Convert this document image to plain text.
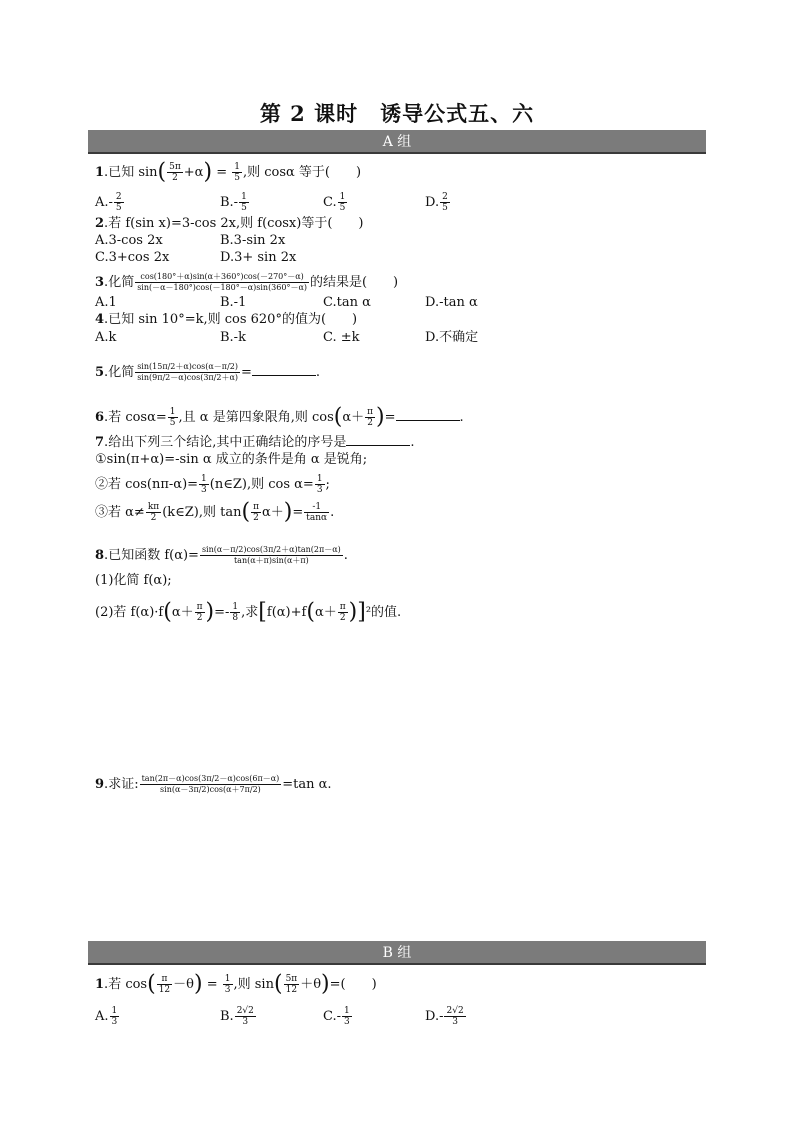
第 2 课时　诱导公式五、六
A 组
1.已知 $\sin( \frac{5\pi}{2} +\alpha) = \frac{1}{5}$ ,则 cosα 等于(　　)
$A.- \frac{2}{5}$	$B.- \frac{1}{5}$	C. $\frac{1}{5}$	D. $\frac{2}{5}$
2.若 f(sin x)=3-cos 2x,则 f(cosx)等于(　　)
A.3-cos 2x	B.3-sin 2x
C.3+cos 2x	D.3+ sin 2x
3.化简 $\frac{\cos(180^\circ+\alpha)\sin(\alpha+360^\circ)\cos(-270^\circ-\alpha)}{\sin(-\alpha-180^\circ)\cos(-180^\circ-\alpha)\sin(360^\circ-\alpha)}$ 的结果是(　　)
A.1	B.-1	C.tan α	D.-tan α
4.已知 sin 10°=k,则 cos 620°的值为(　　)
A.k	B.-k	C. ±k	D.不确定
5.化简 $\frac{\sin(15\pi/2+\alpha)\cos(\alpha-\pi/2)}{\sin(9\pi/2-\alpha)\cos(3\pi/2+\alpha)}$ =	.
6.若 $\cos\alpha= \frac{1}{5}$ ,且 α 是第四象限角,则 $\cos(\alpha+ \frac{\pi}{2}$ )=	.
7.给出下列三个结论,其中正确结论的序号是	.
①sin(π+α)=-sin α 成立的条件是角 α 是锐角;
②若 $\cos(n\pi-\alpha)= \frac{1}{3}$ (n∈Z),则 $\cos \alpha= \frac{1}{3}$ ;
③若 $\alpha\ne \frac{k\pi}{2}$ (k∈Z),则 $\tan( \frac{\pi}{2} \alpha+)= \frac{-1}{\tan\alpha}$ .
8.已知函数 $f(\alpha)= \frac{\sin(\alpha-\pi/2)\cos(3\pi/2+\alpha)\tan(2\pi-\alpha)}{\tan(\alpha+\pi)\sin(\alpha+\pi)}$ .
(1)化简 f(α);
(2)若 $f(\alpha)\cdot f(\alpha+ \frac{\pi}{2}$ )=- $\frac{1}{8}$ ,求$[f(\alpha)+f(\alpha+ \frac{\pi}{2} )]^2$的值.
9.求证: $\frac{\tan(2\pi-\alpha)\cos(3\pi/2-\alpha)\cos(6\pi-\alpha)}{\sin(\alpha-3\pi/2)\cos(\alpha+7\pi/2)} =\tan$ α.
B 组
1.若 $\cos( \frac{\pi}{12} -\theta) = \frac{1}{3}$ ,则 $\sin( \frac{5\pi}{12} +\theta)=$(　　)
A. $\frac{1}{3}$	B. $\frac{2√2}{3}$	$C.- \frac{1}{3}$	$D.- \frac{2√2}{3}$
